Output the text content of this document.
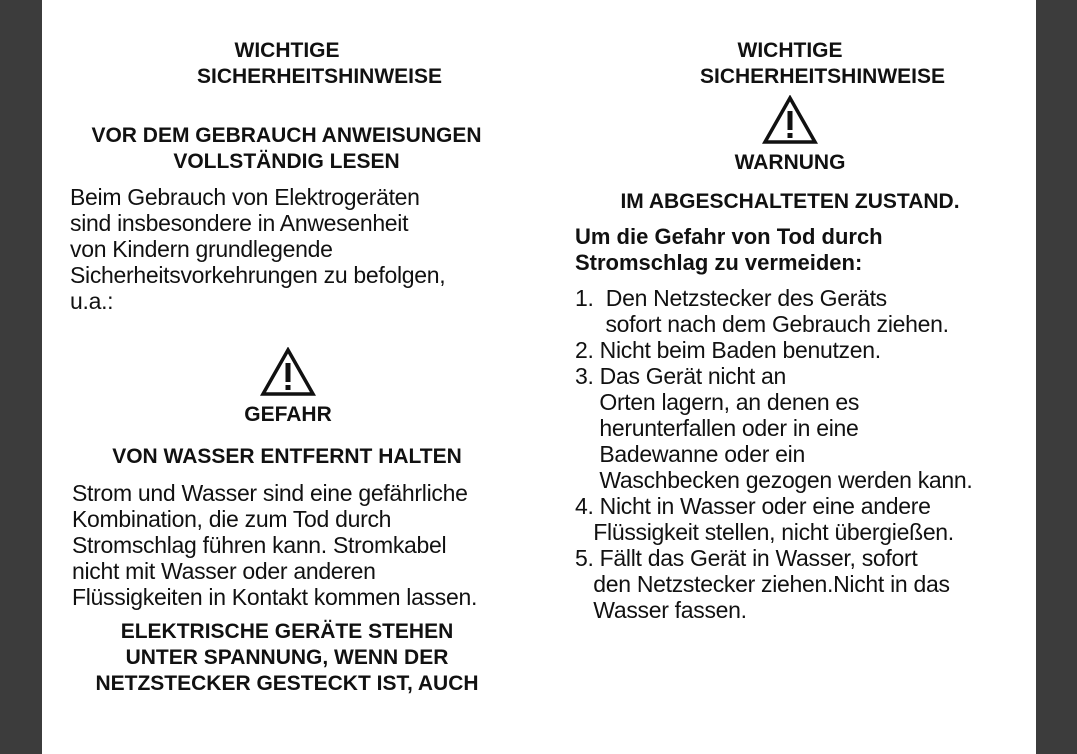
WICHTIGE
SICHERHEITSHINWEISE
VOR DEM GEBRAUCH ANWEISUNGEN
VOLLSTÄNDIG LESEN
Beim Gebrauch von Elektrogeräten
sind insbesondere in Anwesenheit
von Kindern grundlegende
Sicherheitsvorkehrungen zu befolgen,
u.a.:
GEFAHR
VON WASSER ENTFERNT HALTEN
Strom und Wasser sind eine gefährliche
Kombination, die zum Tod durch
Stromschlag führen kann. Stromkabel
nicht mit Wasser oder anderen
Flüssigkeiten in Kontakt kommen lassen.
ELEKTRISCHE GERÄTE STEHEN
UNTER SPANNUNG, WENN DER
NETZSTECKER GESTECKT IST, AUCH
WICHTIGE
SICHERHEITSHINWEISE
WARNUNG
IM ABGESCHALTETEN ZUSTAND.
Um die Gefahr von Tod durch
Stromschlag zu vermeiden:
1.  Den Netzstecker des Geräts
sofort nach dem Gebrauch ziehen.
2. Nicht beim Baden benutzen.
3. Das Gerät nicht an
Orten lagern, an denen es
herunterfallen oder in eine
Badewanne oder ein
Waschbecken gezogen werden kann.
4. Nicht in Wasser oder eine andere
Flüssigkeit stellen, nicht übergießen.
5. Fällt das Gerät in Wasser, sofort
den Netzstecker ziehen.Nicht in das
Wasser fassen.
